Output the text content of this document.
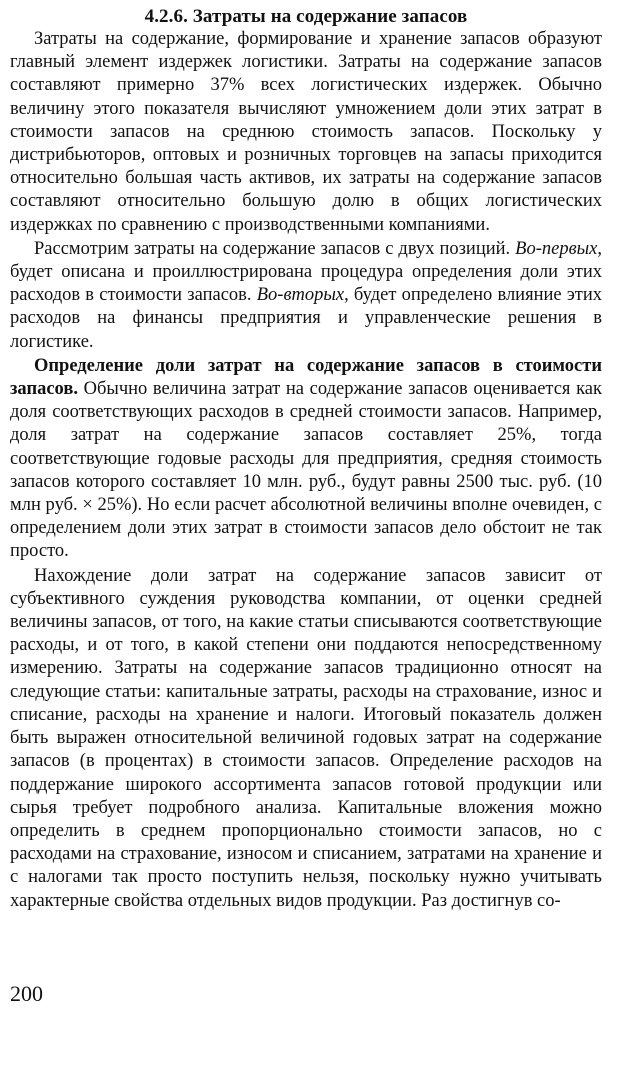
4.2.6. Затраты на содержание запасов

Затраты на содержание, формирование и хранение запасов образуют главный элемент издержек логистики. Затраты на содержание запасов составляют примерно 37% всех логистических издержек. Обычно величину этого показателя вычисляют умножением доли этих затрат в стоимости запасов на среднюю стоимость запасов. Поскольку у дистрибьюторов, оптовых и розничных торговцев на запасы приходится относительно большая часть активов, их затраты на содержание запасов составляют относительно большую долю в общих логистических издержках по сравнению с производственными компаниями.

Рассмотрим затраты на содержание запасов с двух позиций. Во-первых, будет описана и проиллюстрирована процедура определения доли этих расходов в стоимости запасов. Во-вторых, будет определено влияние этих расходов на финансы предприятия и управленческие решения в логистике.

Определение доли затрат на содержание запасов в стоимости запасов. Обычно величина затрат на содержание запасов оценивается как доля соответствующих расходов в средней стоимости запасов. Например, доля затрат на содержание запасов составляет 25%, тогда соответствующие годовые расходы для предприятия, средняя стоимость запасов которого составляет 10 млн. руб., будут равны 2500 тыс. руб. (10 млн руб. × 25%). Но если расчет абсолютной величины вполне очевиден, с определением доли этих затрат в стоимости запасов дело обстоит не так просто.

Нахождение доли затрат на содержание запасов зависит от субъективного суждения руководства компании, от оценки средней величины запасов, от того, на какие статьи списываются соответствующие расходы, и от того, в какой степени они поддаются непосредственному измерению. Затраты на содержание запасов традиционно относят на следующие статьи: капитальные затраты, расходы на страхование, износ и списание, расходы на хранение и налоги. Итоговый показатель должен быть выражен относительной величиной годовых затрат на содержание запасов (в процентах) в стоимости запасов. Определение расходов на поддержание широкого ассортимента запасов готовой продукции или сырья требует подробного анализа. Капитальные вложения можно определить в среднем пропорционально стоимости запасов, но с расходами на страхование, износом и списанием, затратами на хранение и с налогами так просто поступить нельзя, поскольку нужно учитывать характерные свойства отдельных видов продукции. Раз достигнув со-

200
